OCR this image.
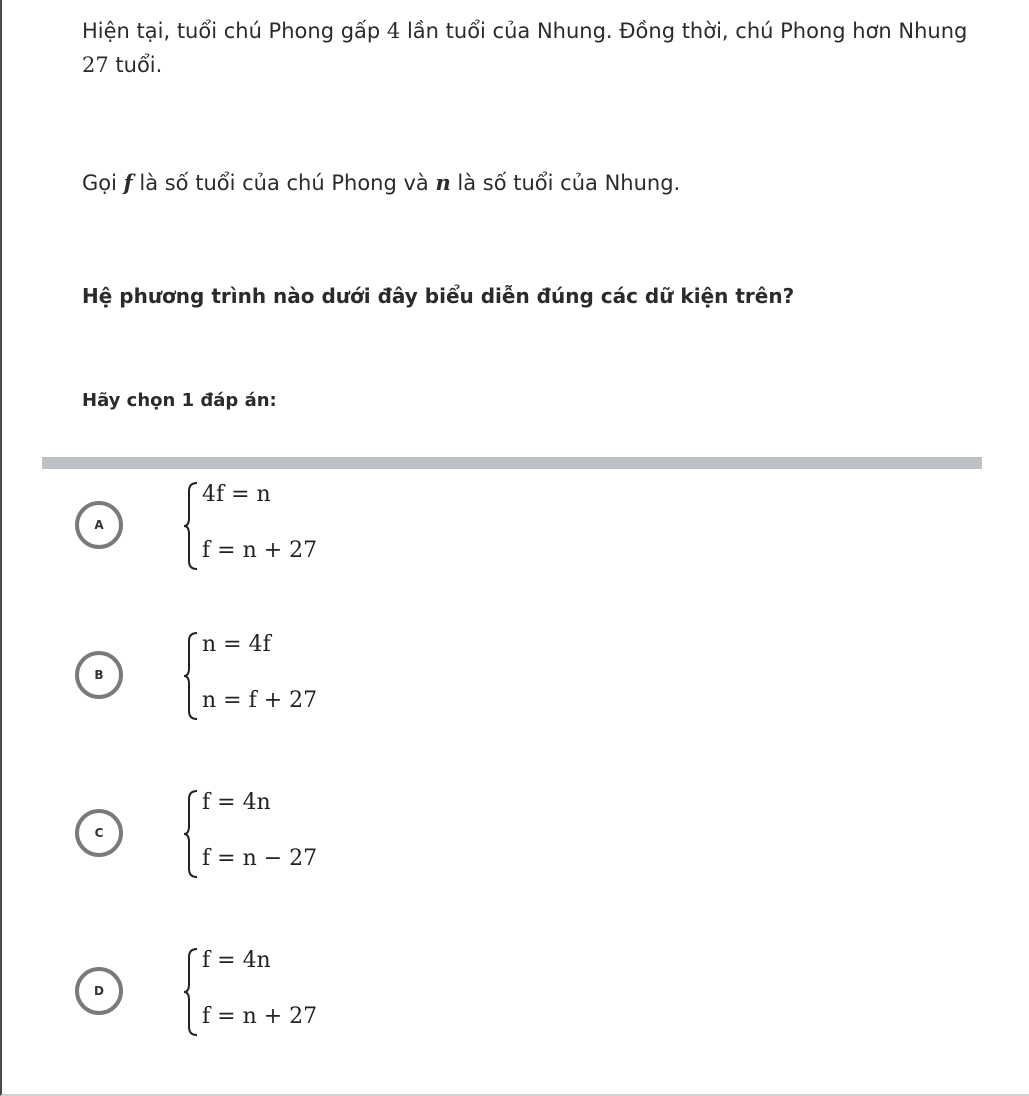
Hiện tại, tuổi chú Phong gấp 4 lần tuổi của Nhung. Đồng thời, chú Phong hơn Nhung 27 tuổi.

Gọi f là số tuổi của chú Phong và n là số tuổi của Nhung.

Hệ phương trình nào dưới đây biểu diễn đúng các dữ kiện trên?

Hãy chọn 1 đáp án:

A
4f = n
f = n + 27
B
n = 4f
n = f + 27
C
f = 4n
f = n − 27
D
f = 4n
f = n + 27
